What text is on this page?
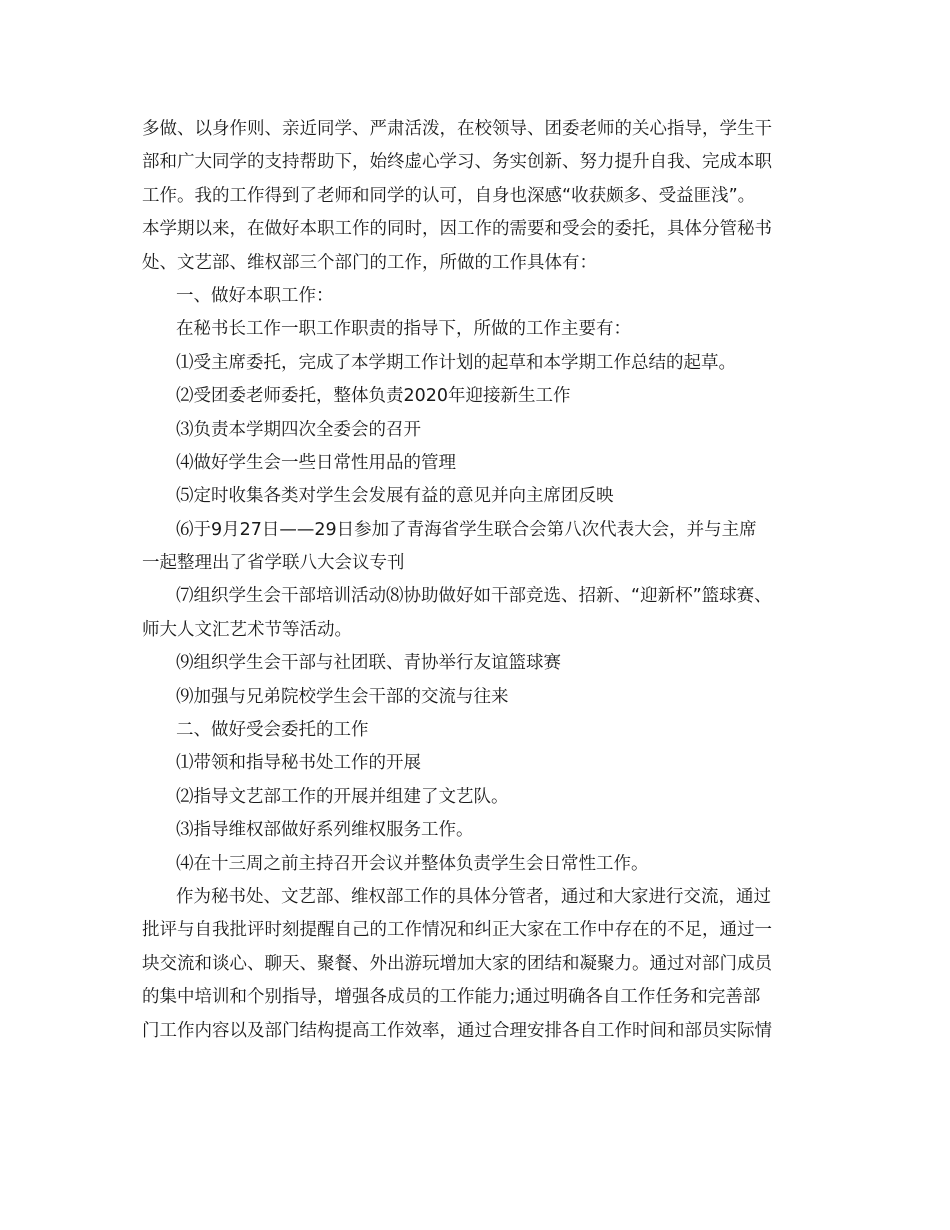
多做、以身作则、亲近同学、严肃活泼，在校领导、团委老师的关心指导，学生干
部和广大同学的支持帮助下，始终虚心学习、务实创新、努力提升自我、完成本职
工作。我的工作得到了老师和同学的认可，自身也深感“收获颇多、受益匪浅”。
本学期以来，在做好本职工作的同时，因工作的需要和受会的委托，具体分管秘书
处、文艺部、维权部三个部门的工作，所做的工作具体有：
一、做好本职工作：
在秘书长工作一职工作职责的指导下，所做的工作主要有：
⑴受主席委托，完成了本学期工作计划的起草和本学期工作总结的起草。
⑵受团委老师委托，整体负责2020年迎接新生工作
⑶负责本学期四次全委会的召开
⑷做好学生会一些日常性用品的管理
⑸定时收集各类对学生会发展有益的意见并向主席团反映
⑹于9月27日——29日参加了青海省学生联合会第八次代表大会，并与主席
一起整理出了省学联八大会议专刊
⑺组织学生会干部培训活动⑻协助做好如干部竞选、招新、“迎新杯”篮球赛、
师大人文汇艺术节等活动。
⑼组织学生会干部与社团联、青协举行友谊篮球赛
⑼加强与兄弟院校学生会干部的交流与往来
二、做好受会委托的工作
⑴带领和指导秘书处工作的开展
⑵指导文艺部工作的开展并组建了文艺队。
⑶指导维权部做好系列维权服务工作。
⑷在十三周之前主持召开会议并整体负责学生会日常性工作。
作为秘书处、文艺部、维权部工作的具体分管者，通过和大家进行交流，通过
批评与自我批评时刻提醒自己的工作情况和纠正大家在工作中存在的不足，通过一
块交流和谈心、聊天、聚餐、外出游玩增加大家的团结和凝聚力。通过对部门成员
的集中培训和个别指导，增强各成员的工作能力;通过明确各自工作任务和完善部
门工作内容以及部门结构提高工作效率，通过合理安排各自工作时间和部员实际情
